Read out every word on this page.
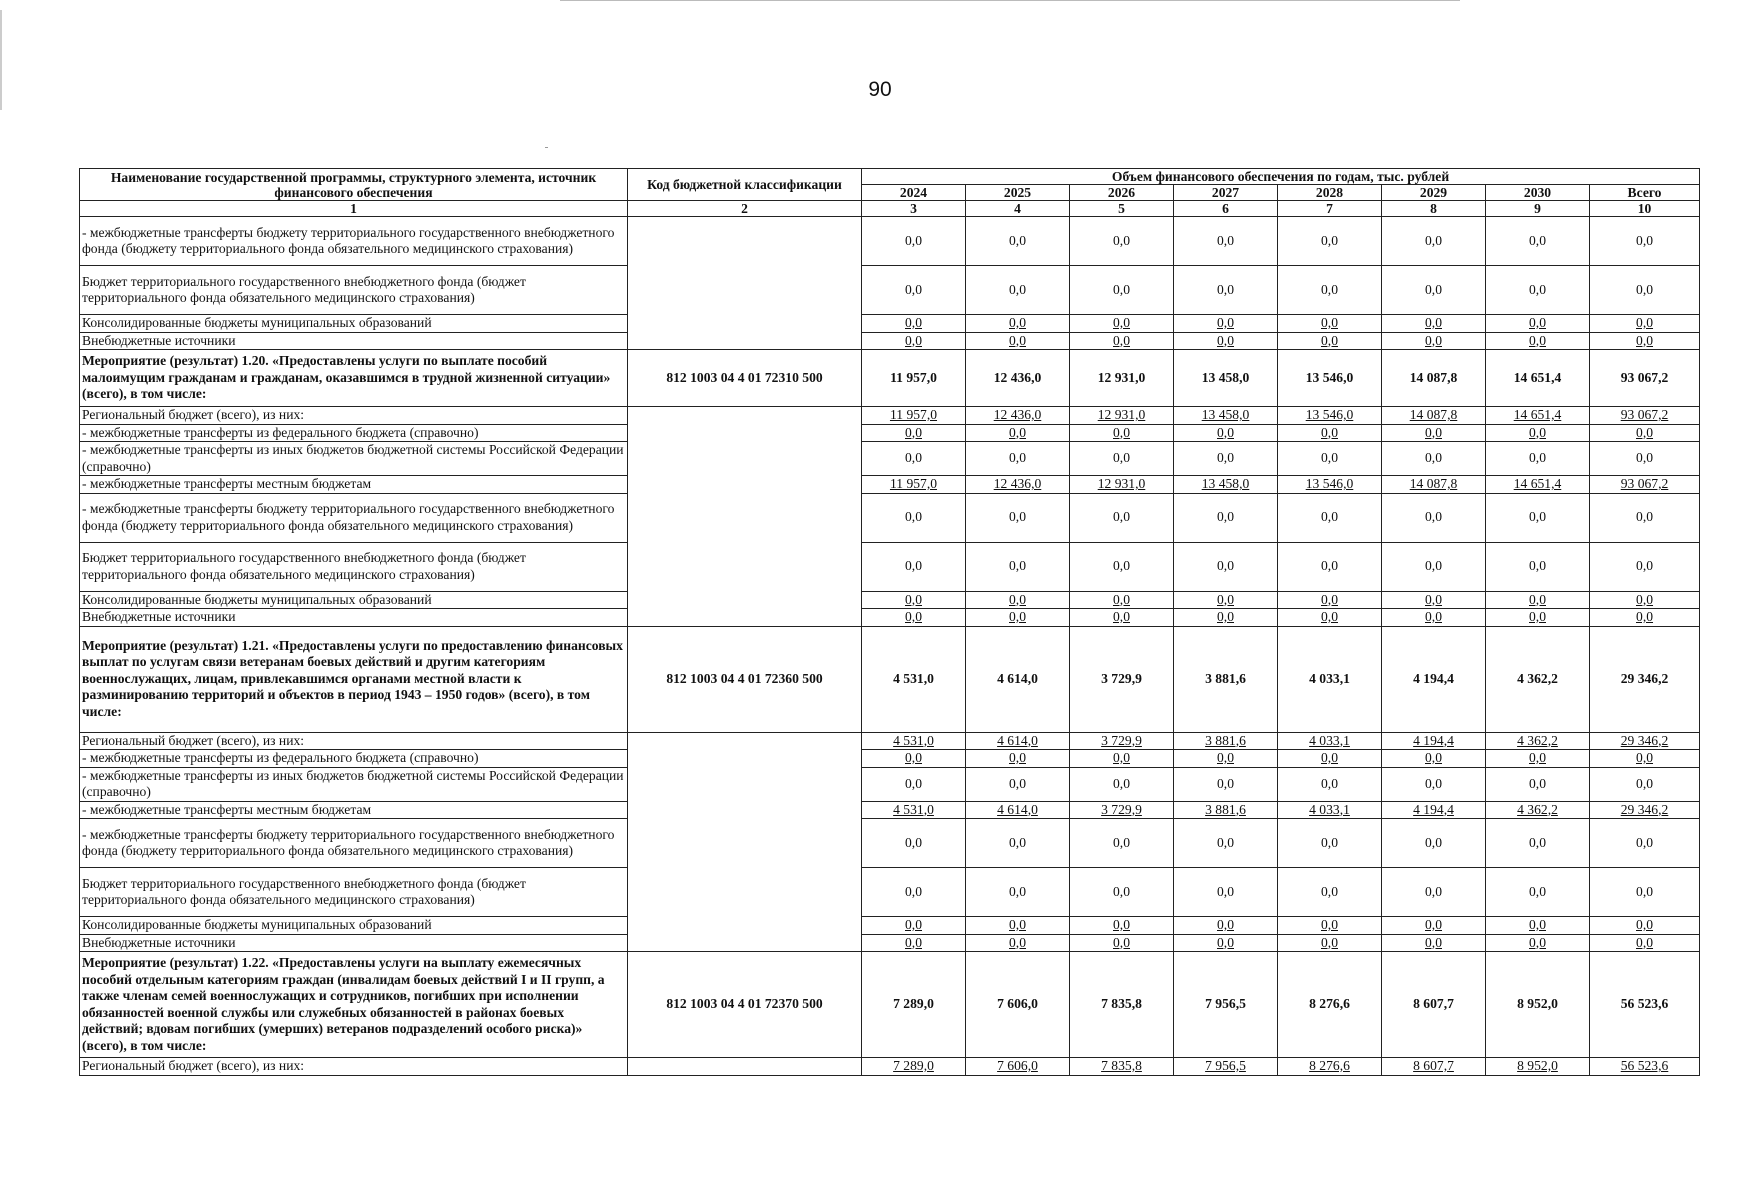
90
Наименование государственной программы, структурного элемента, источник финансового обеспечения	Код бюджетной классификации	Объем финансового обеспечения по годам, тыс. рублей							
		2024	2025	2026	2027	2028	2029	2030	Всего
1	2	3	4	5	6	7	8	9	10
- межбюджетные трансферты бюджету территориального государственного внебюджетного фонда (бюджету территориального фонда обязательного медицинского страхования)		0,0	0,0	0,0	0,0	0,0	0,0	0,0	0,0
Бюджет территориального государственного внебюджетного фонда (бюджет территориального фонда обязательного медицинского страхования)		0,0	0,0	0,0	0,0	0,0	0,0	0,0	0,0
Консолидированные бюджеты муниципальных образований		0,0	0,0	0,0	0,0	0,0	0,0	0,0	0,0
Внебюджетные источники		0,0	0,0	0,0	0,0	0,0	0,0	0,0	0,0
Мероприятие (результат) 1.20. «Предоставлены услуги по выплате пособий малоимущим гражданам и гражданам, оказавшимся в трудной жизненной ситуации» (всего), в том числе:	812 1003 04 4 01 72310 500	11 957,0	12 436,0	12 931,0	13 458,0	13 546,0	14 087,8	14 651,4	93 067,2
Региональный бюджет (всего), из них:		11 957,0	12 436,0	12 931,0	13 458,0	13 546,0	14 087,8	14 651,4	93 067,2
- межбюджетные трансферты из федерального бюджета (справочно)		0,0	0,0	0,0	0,0	0,0	0,0	0,0	0,0
- межбюджетные трансферты из иных бюджетов бюджетной системы Российской Федерации (справочно)		0,0	0,0	0,0	0,0	0,0	0,0	0,0	0,0
- межбюджетные трансферты местным бюджетам		11 957,0	12 436,0	12 931,0	13 458,0	13 546,0	14 087,8	14 651,4	93 067,2
- межбюджетные трансферты бюджету территориального государственного внебюджетного фонда (бюджету территориального фонда обязательного медицинского страхования)		0,0	0,0	0,0	0,0	0,0	0,0	0,0	0,0
Бюджет территориального государственного внебюджетного фонда (бюджет территориального фонда обязательного медицинского страхования)		0,0	0,0	0,0	0,0	0,0	0,0	0,0	0,0
Консолидированные бюджеты муниципальных образований		0,0	0,0	0,0	0,0	0,0	0,0	0,0	0,0
Внебюджетные источники		0,0	0,0	0,0	0,0	0,0	0,0	0,0	0,0
Мероприятие (результат) 1.21. «Предоставлены услуги по предоставлению финансовых выплат по услугам связи ветеранам боевых действий и другим категориям военнослужащих, лицам, привлекавшимся органами местной власти к разминированию территорий и объектов в период 1943 – 1950 годов» (всего), в том числе:	812 1003 04 4 01 72360 500	4 531,0	4 614,0	3 729,9	3 881,6	4 033,1	4 194,4	4 362,2	29 346,2
Региональный бюджет (всего), из них:		4 531,0	4 614,0	3 729,9	3 881,6	4 033,1	4 194,4	4 362,2	29 346,2
- межбюджетные трансферты из федерального бюджета (справочно)		0,0	0,0	0,0	0,0	0,0	0,0	0,0	0,0
- межбюджетные трансферты из иных бюджетов бюджетной системы Российской Федерации (справочно)		0,0	0,0	0,0	0,0	0,0	0,0	0,0	0,0
- межбюджетные трансферты местным бюджетам		4 531,0	4 614,0	3 729,9	3 881,6	4 033,1	4 194,4	4 362,2	29 346,2
- межбюджетные трансферты бюджету территориального государственного внебюджетного фонда (бюджету территориального фонда обязательного медицинского страхования)		0,0	0,0	0,0	0,0	0,0	0,0	0,0	0,0
Бюджет территориального государственного внебюджетного фонда (бюджет территориального фонда обязательного медицинского страхования)		0,0	0,0	0,0	0,0	0,0	0,0	0,0	0,0
Консолидированные бюджеты муниципальных образований		0,0	0,0	0,0	0,0	0,0	0,0	0,0	0,0
Внебюджетные источники		0,0	0,0	0,0	0,0	0,0	0,0	0,0	0,0
Мероприятие (результат) 1.22. «Предоставлены услуги на выплату ежемесячных пособий отдельным категориям граждан (инвалидам боевых действий I и II групп, а также членам семей военнослужащих и сотрудников, погибших при исполнении обязанностей военной службы или служебных обязанностей в районах боевых действий; вдовам погибших (умерших) ветеранов подразделений особого риска)» (всего), в том числе:	812 1003 04 4 01 72370 500	7 289,0	7 606,0	7 835,8	7 956,5	8 276,6	8 607,7	8 952,0	56 523,6
Региональный бюджет (всего), из них:		7 289,0	7 606,0	7 835,8	7 956,5	8 276,6	8 607,7	8 952,0	56 523,6
